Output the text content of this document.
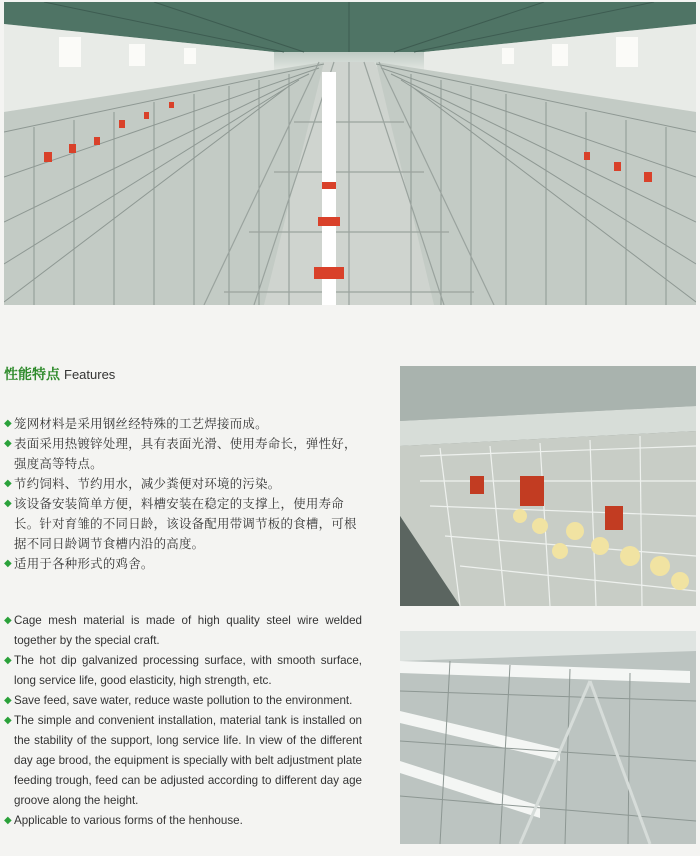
性能特点 Features
◆ 笼网材料是采用钢丝经特殊的工艺焊接而成。
◆ 表面采用热镀锌处理，具有表面光滑、使用寿命长，弹性好，强度高等特点。
◆ 节约饲料、节约用水，减少粪便对环境的污染。
◆ 该设备安装简单方便，料槽安装在稳定的支撑上，使用寿命长。针对育雏的不同日龄，该设备配用带调节板的食槽，可根据不同日龄调节食槽内沿的高度。
◆ 适用于各种形式的鸡舍。
◆ Cage mesh material is made of high quality steel wire welded together by the special craft.
◆ The hot dip galvanized processing surface, with smooth surface, long service life, good elasticity, high strength, etc.
◆ Save feed, save water, reduce waste pollution to the environment.
◆ The simple and convenient installation, material tank is installed on the stability of the support, long service life. In view of the different day age brood, the equipment is specially with belt adjustment plate feeding trough, feed can be adjusted according to different day age groove along the height.
◆ Applicable to various forms of the henhouse.
